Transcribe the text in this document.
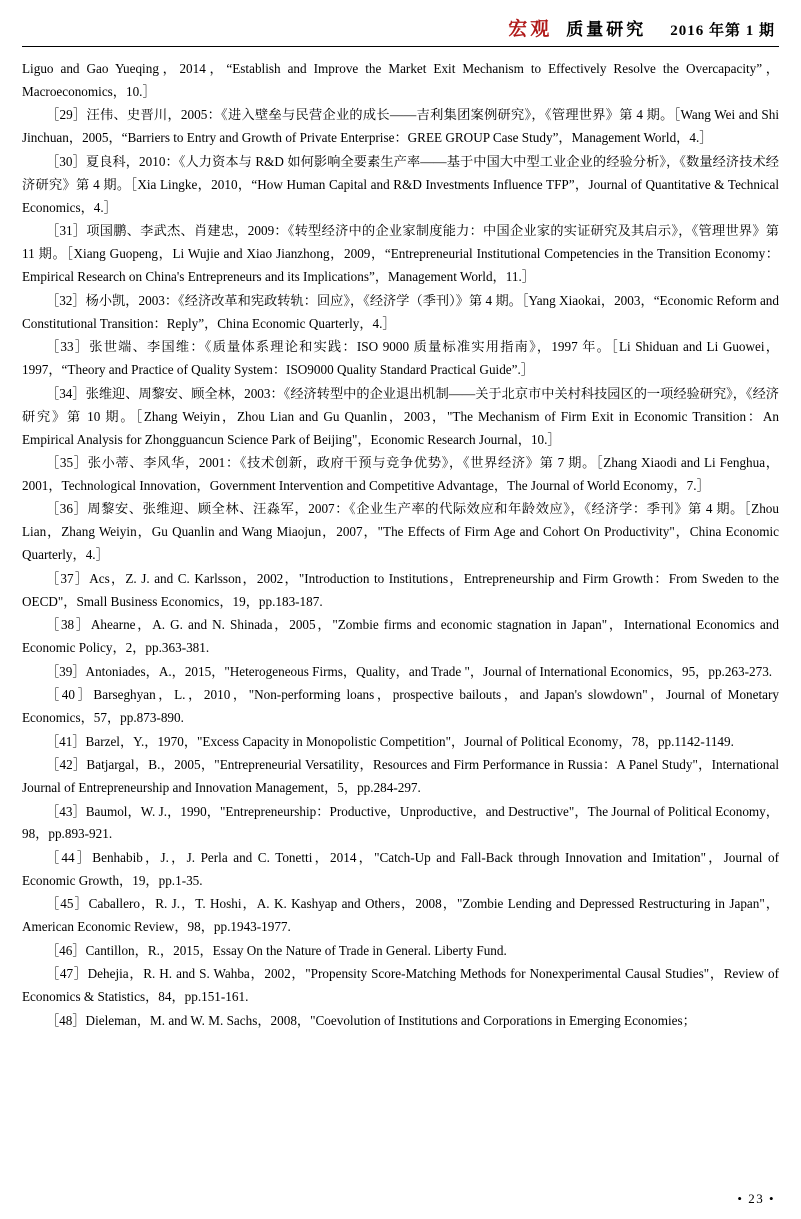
宏观 质量研究 2016 年第 1 期

Liguo and Gao Yueqing，2014，“Establish and Improve the Market Exit Mechanism to Effectively Resolve the Overcapacity”，Macroeconomics，10.］

［29］汪伟、史晋川，2005：《进入壁垒与民营企业的成长——吉利集团案例研究》，《管理世界》第 4 期。［Wang Wei and Shi Jinchuan，2005，“Barriers to Entry and Growth of Private Enterprise：GREE GROUP Case Study”，Management World，4.］

［30］夏良科，2010：《人力资本与 R&D 如何影响全要素生产率——基于中国大中型工业企业的经验分析》，《数量经济技术经济研究》第 4 期。［Xia Lingke，2010，“How Human Capital and R&D Investments Influence TFP”，Journal of Quantitative & Technical Economics，4.］

［31］项国鹏、李武杰、肖建忠，2009：《转型经济中的企业家制度能力：中国企业家的实证研究及其启示》，《管理世界》第 11 期。［Xiang Guopeng，Li Wujie and Xiao Jianzhong，2009，“Entrepreneurial Institutional Competencies in the Transition Economy：Empirical Research on China's Entrepreneurs and its Implications”，Management World，11.］

［32］杨小凯，2003：《经济改革和宪政转轨：回应》，《经济学（季刊）》第 4 期。［Yang Xiaokai，2003，“Economic Reform and Constitutional Transition：Reply”，China Economic Quarterly，4.］

［33］张世端、李国维：《质量体系理论和实践：ISO 9000 质量标准实用指南》，1997 年。［Li Shiduan and Li Guowei，1997，“Theory and Practice of Quality System：ISO9000 Quality Standard Practical Guide”.］

［34］张维迎、周黎安、顾全林，2003：《经济转型中的企业退出机制——关于北京市中关村科技园区的一项经验研究》，《经济研究》第 10 期。［Zhang Weiyin，Zhou Lian and Gu Quanlin，2003，"The Mechanism of Firm Exit in Economic Transition：An Empirical Analysis for Zhongguancun Science Park of Beijing"，Economic Research Journal，10.］

［35］张小蒂、李风华，2001：《技术创新，政府干预与竞争优势》，《世界经济》第 7 期。［Zhang Xiaodi and Li Fenghua，2001，Technological Innovation，Government Intervention and Competitive Advantage，The Journal of World Economy，7.］

［36］周黎安、张维迎、顾全林、汪淼军，2007：《企业生产率的代际效应和年龄效应》，《经济学：季刊》第 4 期。［Zhou Lian，Zhang Weiyin，Gu Quanlin and Wang Miaojun，2007，"The Effects of Firm Age and Cohort On Productivity"，China Economic Quarterly，4.］

［37］Acs，Z. J. and C. Karlsson，2002，"Introduction to Institutions，Entrepreneurship and Firm Growth：From Sweden to the OECD"，Small Business Economics，19，pp.183-187.

［38］Ahearne，A. G. and N. Shinada，2005，"Zombie firms and economic stagnation in Japan"，International Economics and Economic Policy，2，pp.363-381.

［39］Antoniades，A.，2015，"Heterogeneous Firms，Quality，and Trade "，Journal of International Economics，95，pp.263-273.

［40］Barseghyan，L.，2010，"Non-performing loans，prospective bailouts，and Japan's slowdown"，Journal of Monetary Economics，57，pp.873-890.

［41］Barzel，Y.，1970，"Excess Capacity in Monopolistic Competition"，Journal of Political Economy，78，pp.1142-1149.

［42］Batjargal，B.，2005，"Entrepreneurial Versatility，Resources and Firm Performance in Russia：A Panel Study"，International Journal of Entrepreneurship and Innovation Management，5，pp.284-297.

［43］Baumol，W. J.，1990，"Entrepreneurship：Productive，Unproductive，and Destructive"，The Journal of Political Economy，98，pp.893-921.

［44］Benhabib，J.，J. Perla and C. Tonetti，2014，"Catch-Up and Fall-Back through Innovation and Imitation"，Journal of Economic Growth，19，pp.1-35.

［45］Caballero，R. J.，T. Hoshi，A. K. Kashyap and Others，2008，"Zombie Lending and Depressed Restructuring in Japan"，American Economic Review，98，pp.1943-1977.

［46］Cantillon，R.，2015，Essay On the Nature of Trade in General. Liberty Fund.

［47］Dehejia，R. H. and S. Wahba，2002，"Propensity Score-Matching Methods for Nonexperimental Causal Studies"，Review of Economics & Statistics，84，pp.151-161.

［48］Dieleman，M. and W. M. Sachs，2008，"Coevolution of Institutions and Corporations in Emerging Economies；

• 23 •
